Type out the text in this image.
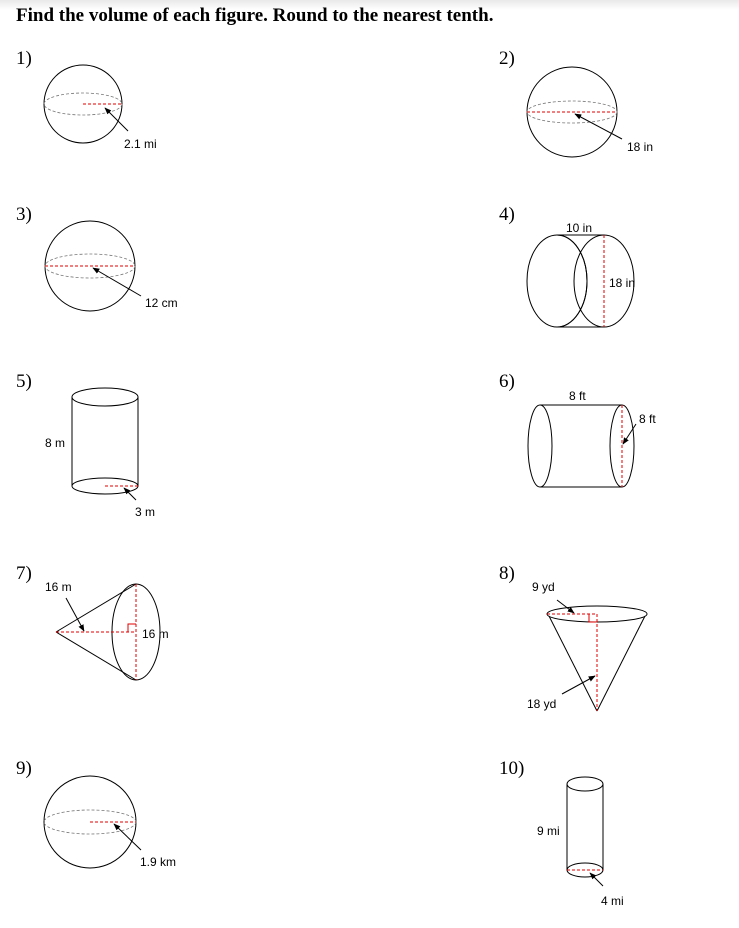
Find the volume of each figure. Round to the nearest tenth.
1)	2)
3)	4)
5)	6)
7)	8)
9)	10)
2.1 mi	18 in
12 cm
10 in
18 in
8 m
3 m
8 ft
8 ft
16 m
16 m
9 yd
18 yd
1.9 km
9 mi
4 mi
